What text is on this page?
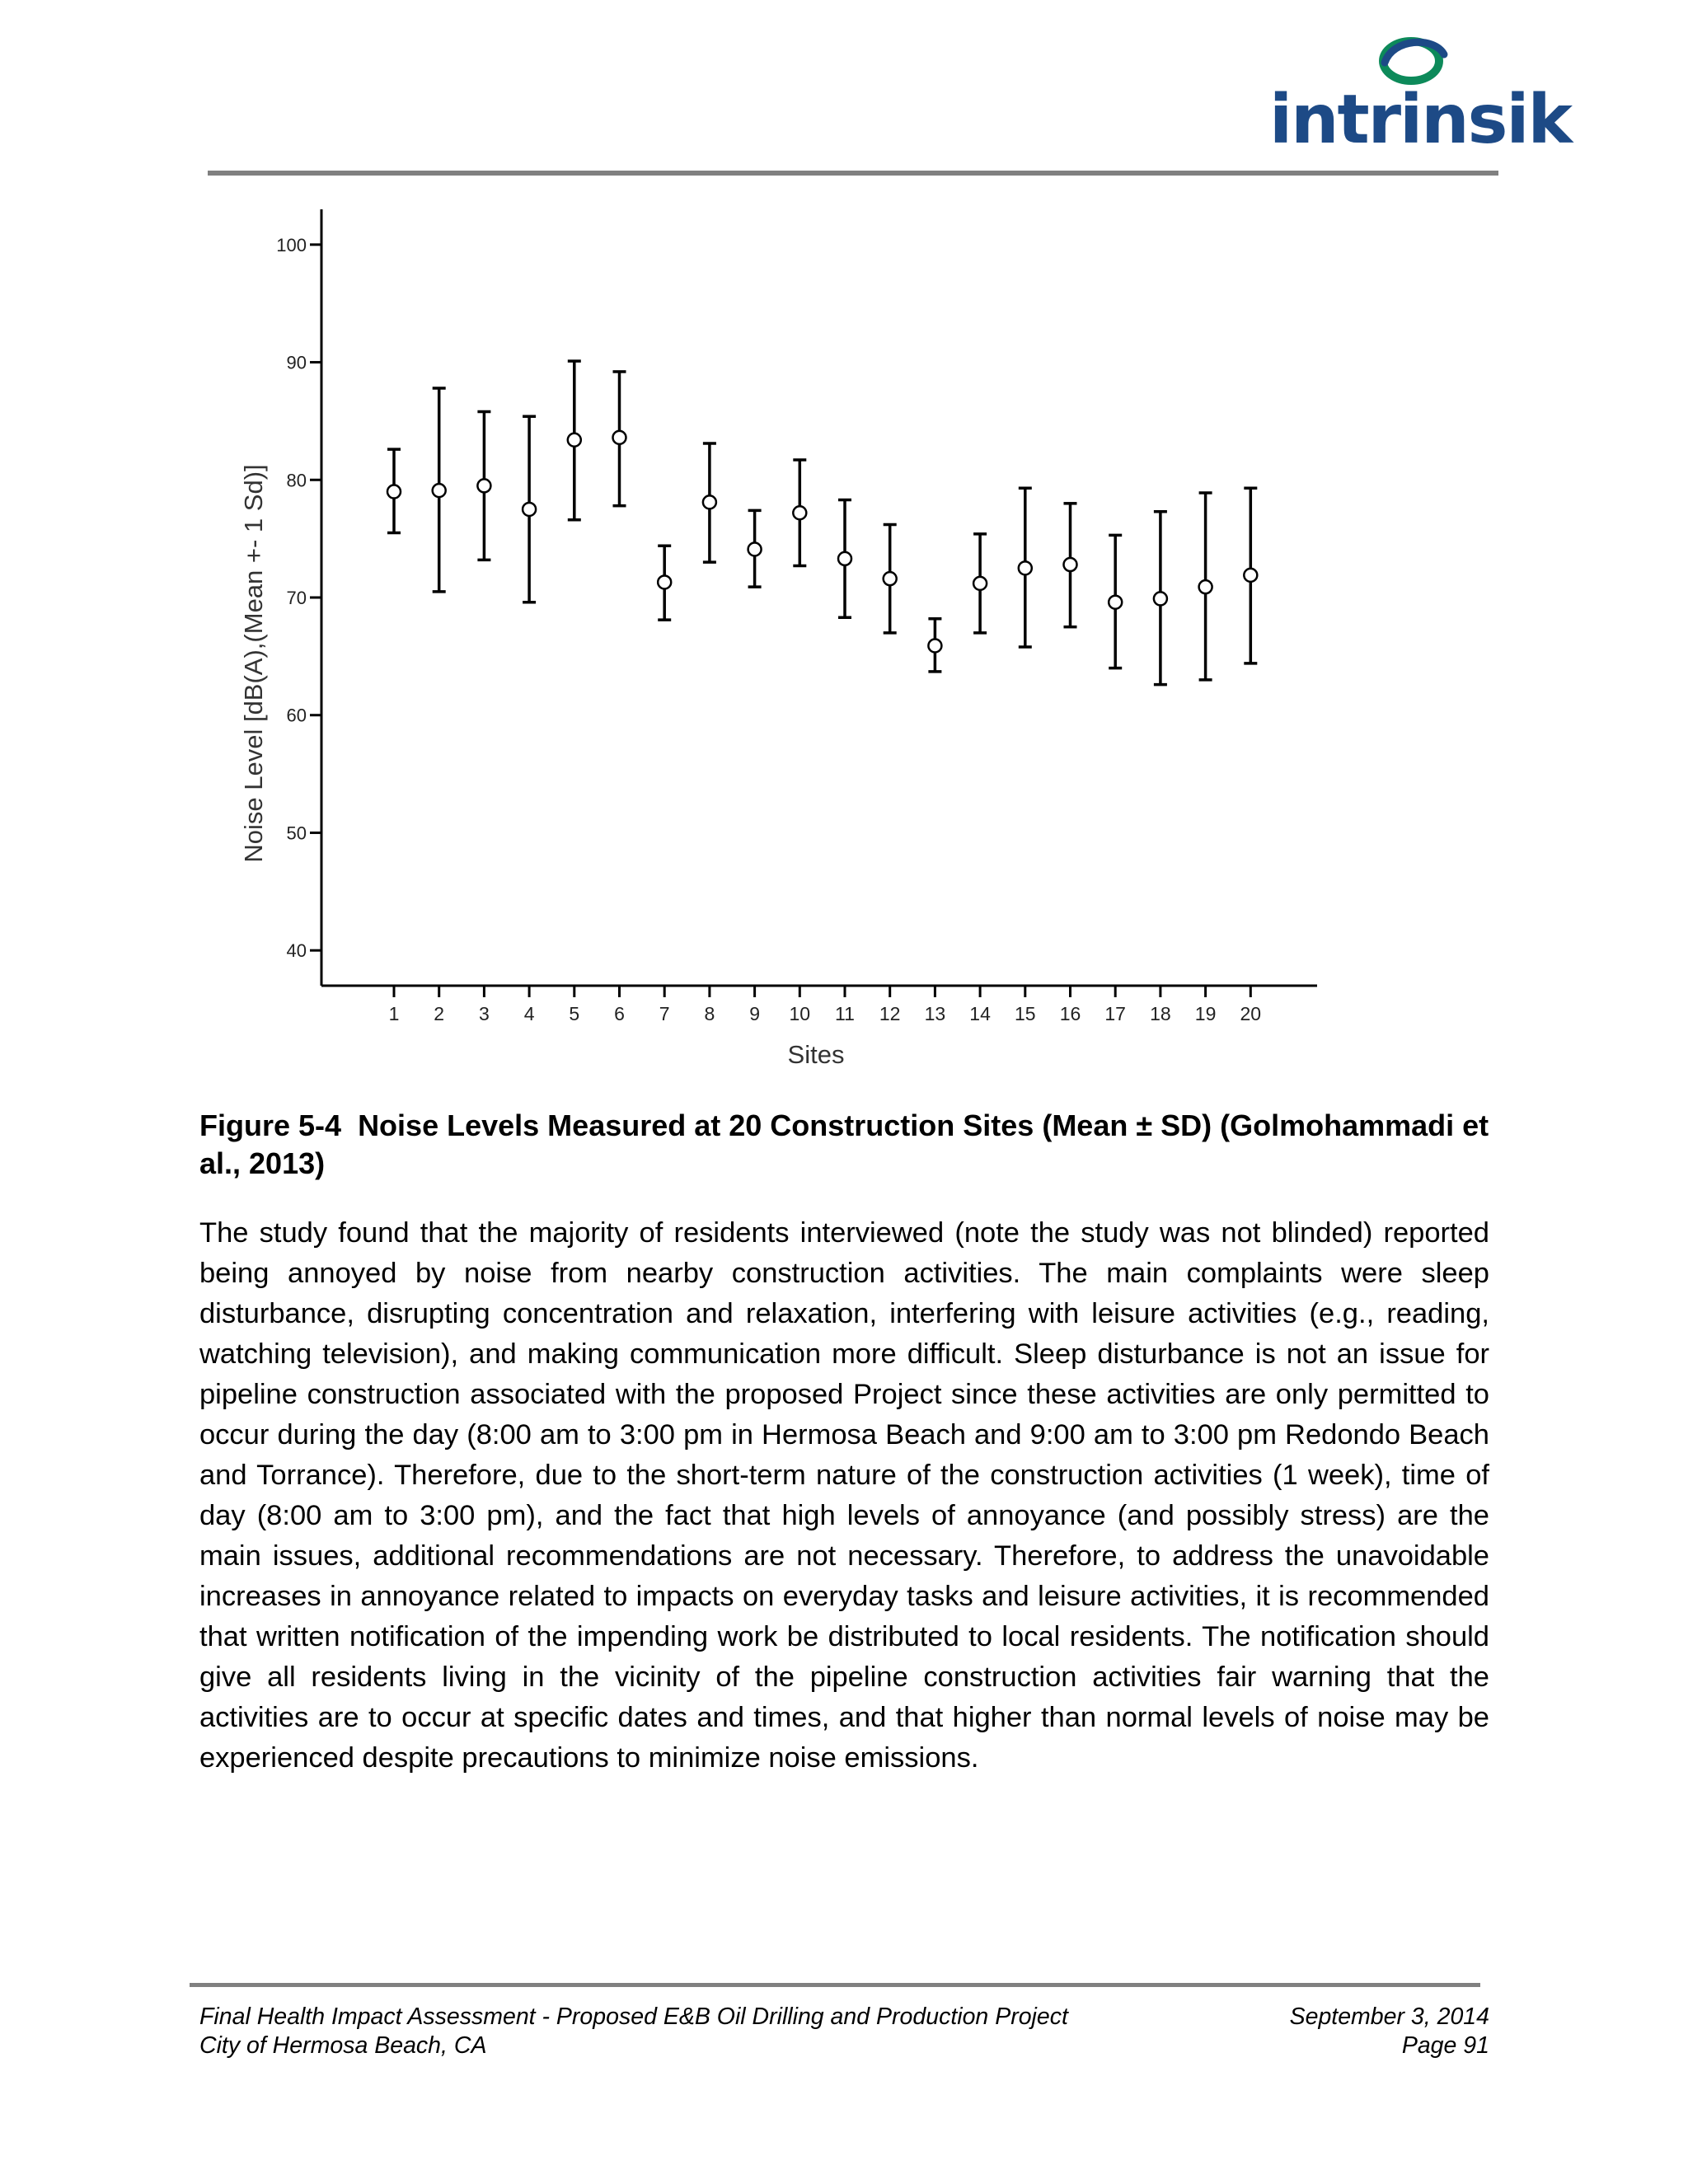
intrinsik
40
50
60
70
80
90
100
1 2 3 4 5 6 7 8 9 10 11 12 13 14 15 16 17 18 19 20
Noise Level [dB(A),(Mean +- 1 Sd)]
Sites
Figure 5-4 Noise Levels Measured at 20 Construction Sites (Mean ± SD) (Golmohammadi et al., 2013)

The study found that the majority of residents interviewed (note the study was not blinded) reported being annoyed by noise from nearby construction activities. The main complaints were sleep disturbance, disrupting concentration and relaxation, interfering with leisure activities (e.g., reading, watching television), and making communication more difficult. Sleep disturbance is not an issue for pipeline construction associated with the proposed Project since these activities are only permitted to occur during the day (8:00 am to 3:00 pm in Hermosa Beach and 9:00 am to 3:00 pm Redondo Beach and Torrance). Therefore, due to the short-term nature of the construction activities (1 week), time of day (8:00 am to 3:00 pm), and the fact that high levels of annoyance (and possibly stress) are the main issues, additional recommendations are not necessary. Therefore, to address the unavoidable increases in annoyance related to impacts on everyday tasks and leisure activities, it is recommended that written notification of the impending work be distributed to local residents. The notification should give all residents living in the vicinity of the pipeline construction activities fair warning that the activities are to occur at specific dates and times, and that higher than normal levels of noise may be experienced despite precautions to minimize noise emissions.

Final Health Impact Assessment - Proposed E&B Oil Drilling and Production Project	September 3, 2014
City of Hermosa Beach, CA	Page 91
